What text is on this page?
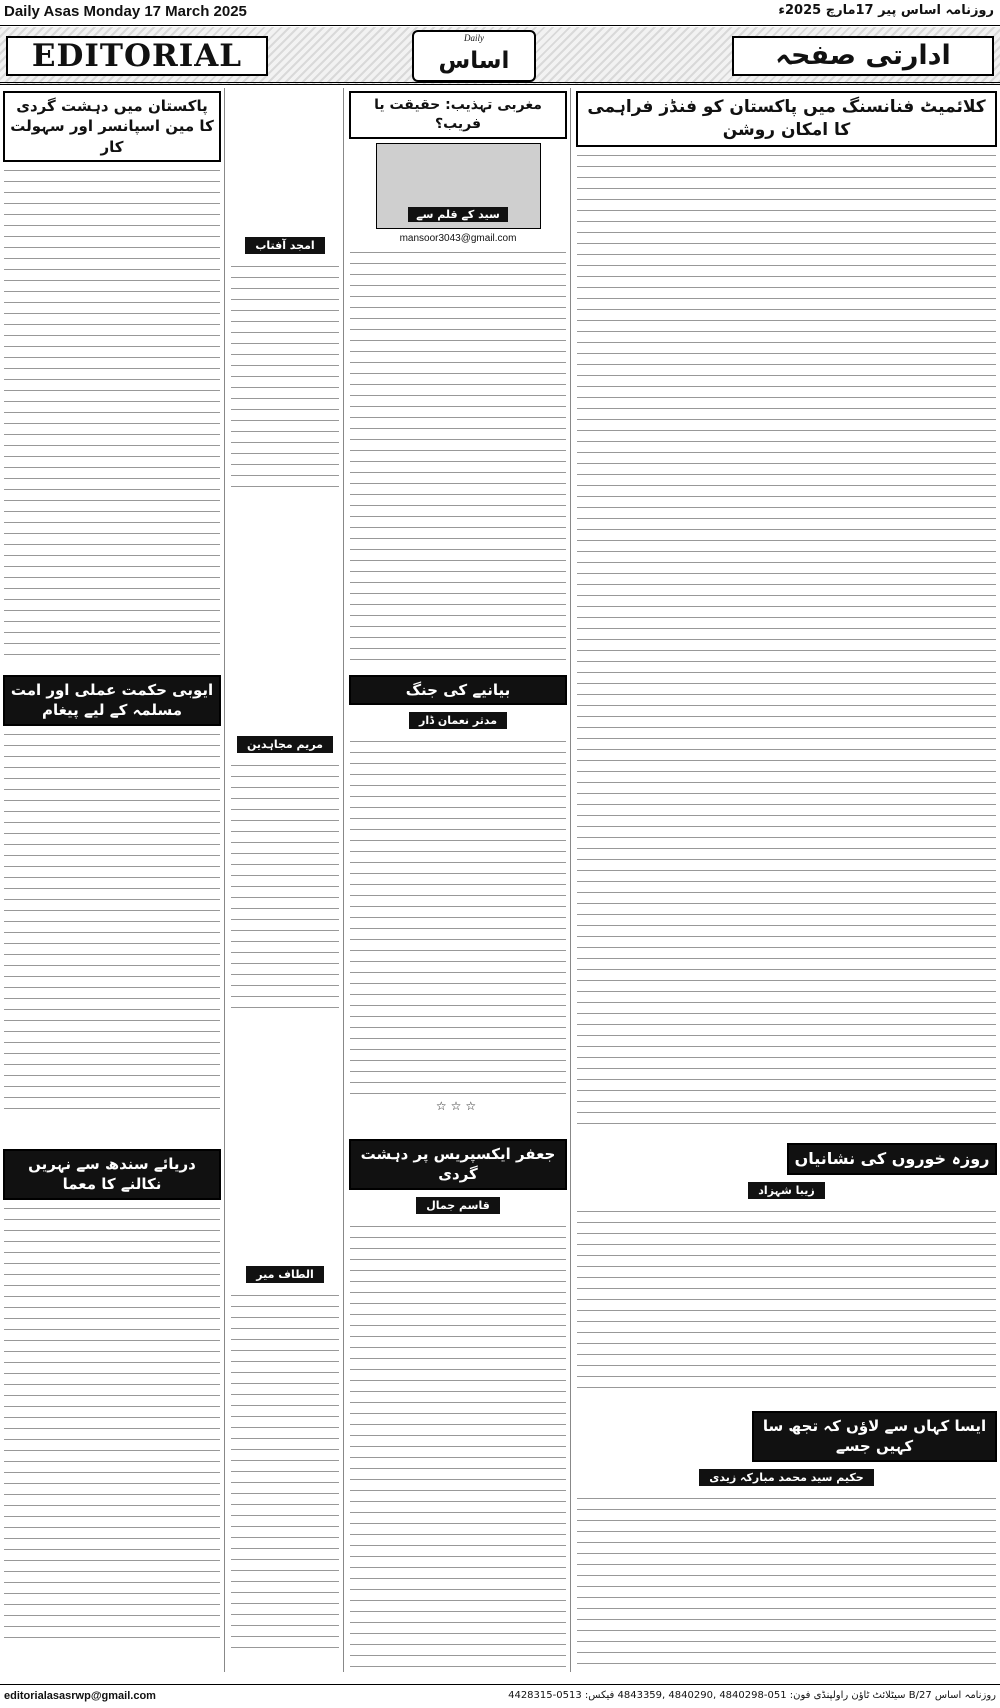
Daily Asas Monday 17 March 2025	روزنامہ اساس پیر 17مارچ 2025ء
EDITORIAL	Daily
اساس	ادارتی صفحہ
پاکستان میں دہشت گردی کا مین اسپانسر اور سہولت کار
ایوبی حکمت عملی اور امت مسلمہ کے لیے پیغام
دریائے سندھ سے نہریں نکالنے کا معما
امجد آفتاب
مریم مجاہدین
الطاف میر
مغربی تہذیب: حقیقت یا فریب؟
سید کے قلم سے
mansoor3043@gmail.com
بیانیے کی جنگ
مدثر نعمان ڈار
☆☆☆
جعفر ایکسپریس پر دہشت گردی
قاسم جمال
کلائمیٹ فنانسنگ میں پاکستان کو فنڈز فراہمی کا امکان روشن
روزہ خوروں کی نشانیاں
زیبا شہزاد
ایسا کہاں سے لاؤں کہ تجھ سا کہیں جسے
حکیم سید محمد مبارکہ زیدی
editorialasasrwp@gmail.com	روزنامہ اساس 27/B سیٹلائٹ ٹاؤن راولپنڈی فون: 051-4840298 ,4840290 ,4843359 فیکس: 0513-4428315
